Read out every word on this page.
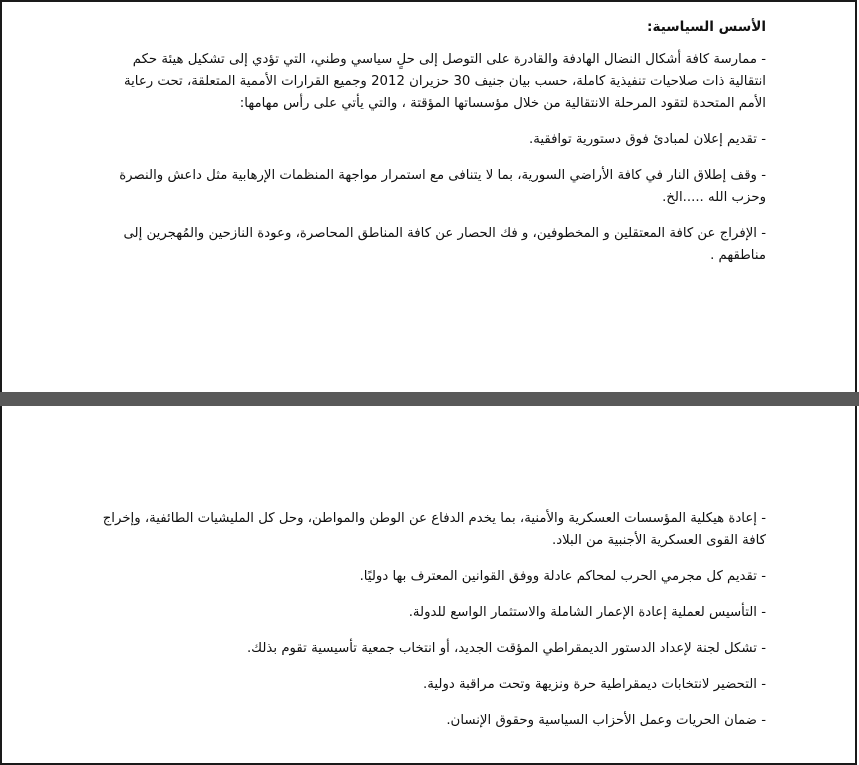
الأسس السياسية:

- ممارسة كافة أشكال النضال الهادفة والقادرة على التوصل إلى حلٍ سياسي وطني، التي تؤدي إلى تشكيل هيئة حكم انتقالية ذات صلاحيات تنفيذية كاملة، حسب بيان جنيف 30 حزيران 2012 وجميع القرارات الأممية المتعلقة، تحت رعاية الأمم المتحدة لتقود المرحلة الانتقالية من خلال مؤسساتها المؤقتة ، والتي يأتي على رأس مهامها:

- تقديم إعلان لمبادئ فوق دستورية توافقية.

- وقف إطلاق النار في كافة الأراضي السورية، بما لا يتنافى مع استمرار مواجهة المنظمات الإرهابية مثل داعش والنصرة وحزب الله .....الخ.

- الإفراج عن كافة المعتقلين و المخطوفين، و فك الحصار عن كافة المناطق المحاصرة، وعودة النازحين والمُهجرين إلى مناطقهم .

- إعادة هيكلية المؤسسات العسكرية والأمنية، بما يخدم الدفاع عن الوطن والمواطن، وحل كل المليشيات الطائفية، وإخراج كافة القوى العسكرية الأجنبية من البلاد.

- تقديم كل مجرمي الحرب لمحاكم عادلة ووفق القوانين المعترف بها دوليًا.

- التأسيس لعملية إعادة الإعمار الشاملة والاستثمار الواسع للدولة.

- تشكل لجنة لإعداد الدستور الديمقراطي المؤقت الجديد، أو انتخاب جمعية تأسيسية تقوم بذلك.

- التحضير لانتخابات ديمقراطية حرة ونزيهة وتحت مراقبة دولية.

- ضمان الحريات وعمل الأحزاب السياسية وحقوق الإنسان.
